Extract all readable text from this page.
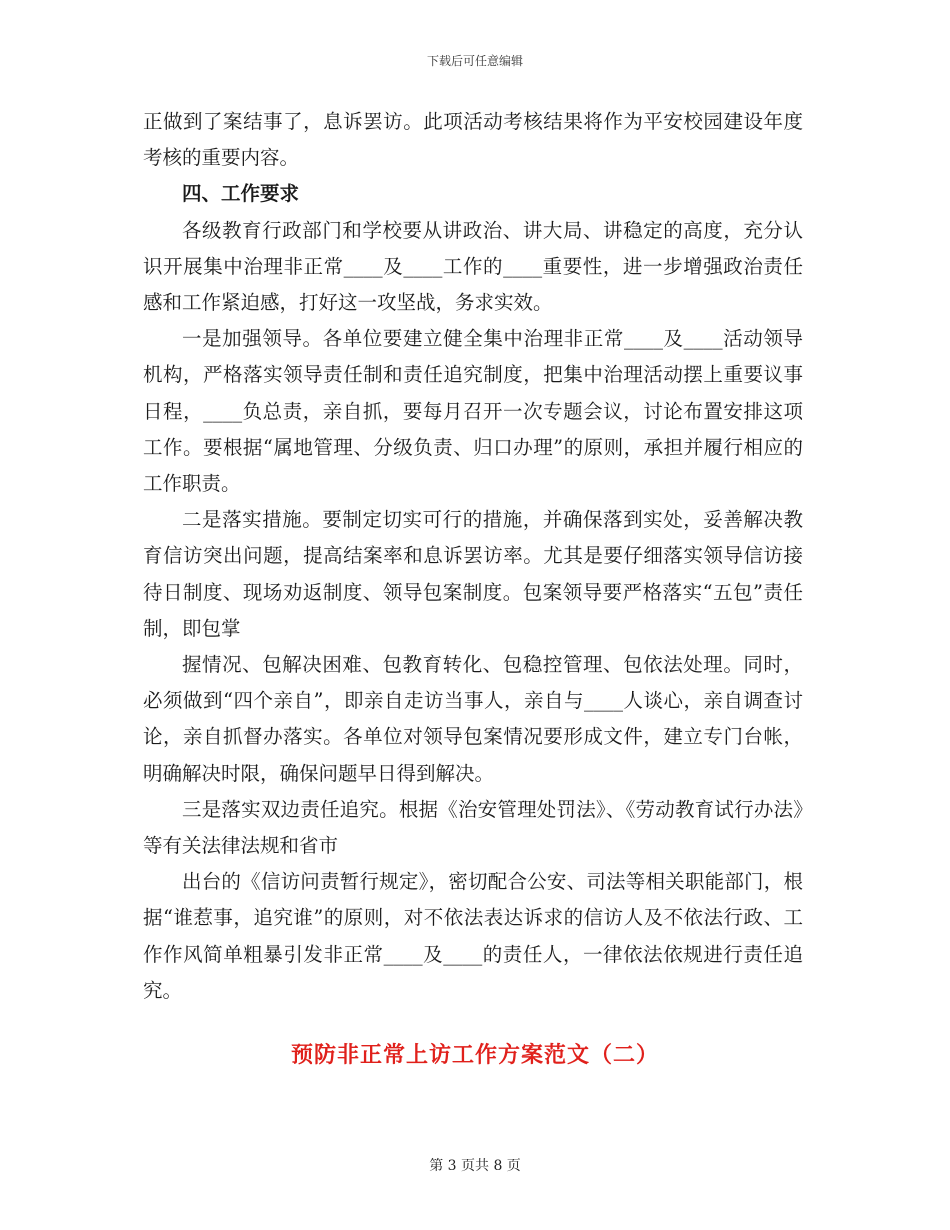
下载后可任意编辑

正做到了案结事了，息诉罢访。此项活动考核结果将作为平安校园建设年度考核的重要内容。

四、工作要求

各级教育行政部门和学校要从讲政治、讲大局、讲稳定的高度，充分认识开展集中治理非正常____及____工作的____重要性，进一步增强政治责任感和工作紧迫感，打好这一攻坚战，务求实效。

一是加强领导。各单位要建立健全集中治理非正常____及____活动领导机构，严格落实领导责任制和责任追究制度，把集中治理活动摆上重要议事日程，____负总责，亲自抓，要每月召开一次专题会议，讨论布置安排这项工作。要根据“属地管理、分级负责、归口办理”的原则，承担并履行相应的工作职责。

二是落实措施。要制定切实可行的措施，并确保落到实处，妥善解决教育信访突出问题，提高结案率和息诉罢访率。尤其是要仔细落实领导信访接待日制度、现场劝返制度、领导包案制度。包案领导要严格落实“五包”责任制，即包掌

握情况、包解决困难、包教育转化、包稳控管理、包依法处理。同时，必须做到“四个亲自”，即亲自走访当事人，亲自与____人谈心，亲自调查讨论，亲自抓督办落实。各单位对领导包案情况要形成文件，建立专门台帐，明确解决时限，确保问题早日得到解决。

三是落实双边责任追究。根据《治安管理处罚法》、《劳动教育试行办法》等有关法律法规和省市

出台的《信访问责暂行规定》，密切配合公安、司法等相关职能部门，根据“谁惹事，追究谁”的原则，对不依法表达诉求的信访人及不依法行政、工作作风简单粗暴引发非正常____及____的责任人，一律依法依规进行责任追究。

预防非正常上访工作方案范文（二）
第 3 页共 8 页
